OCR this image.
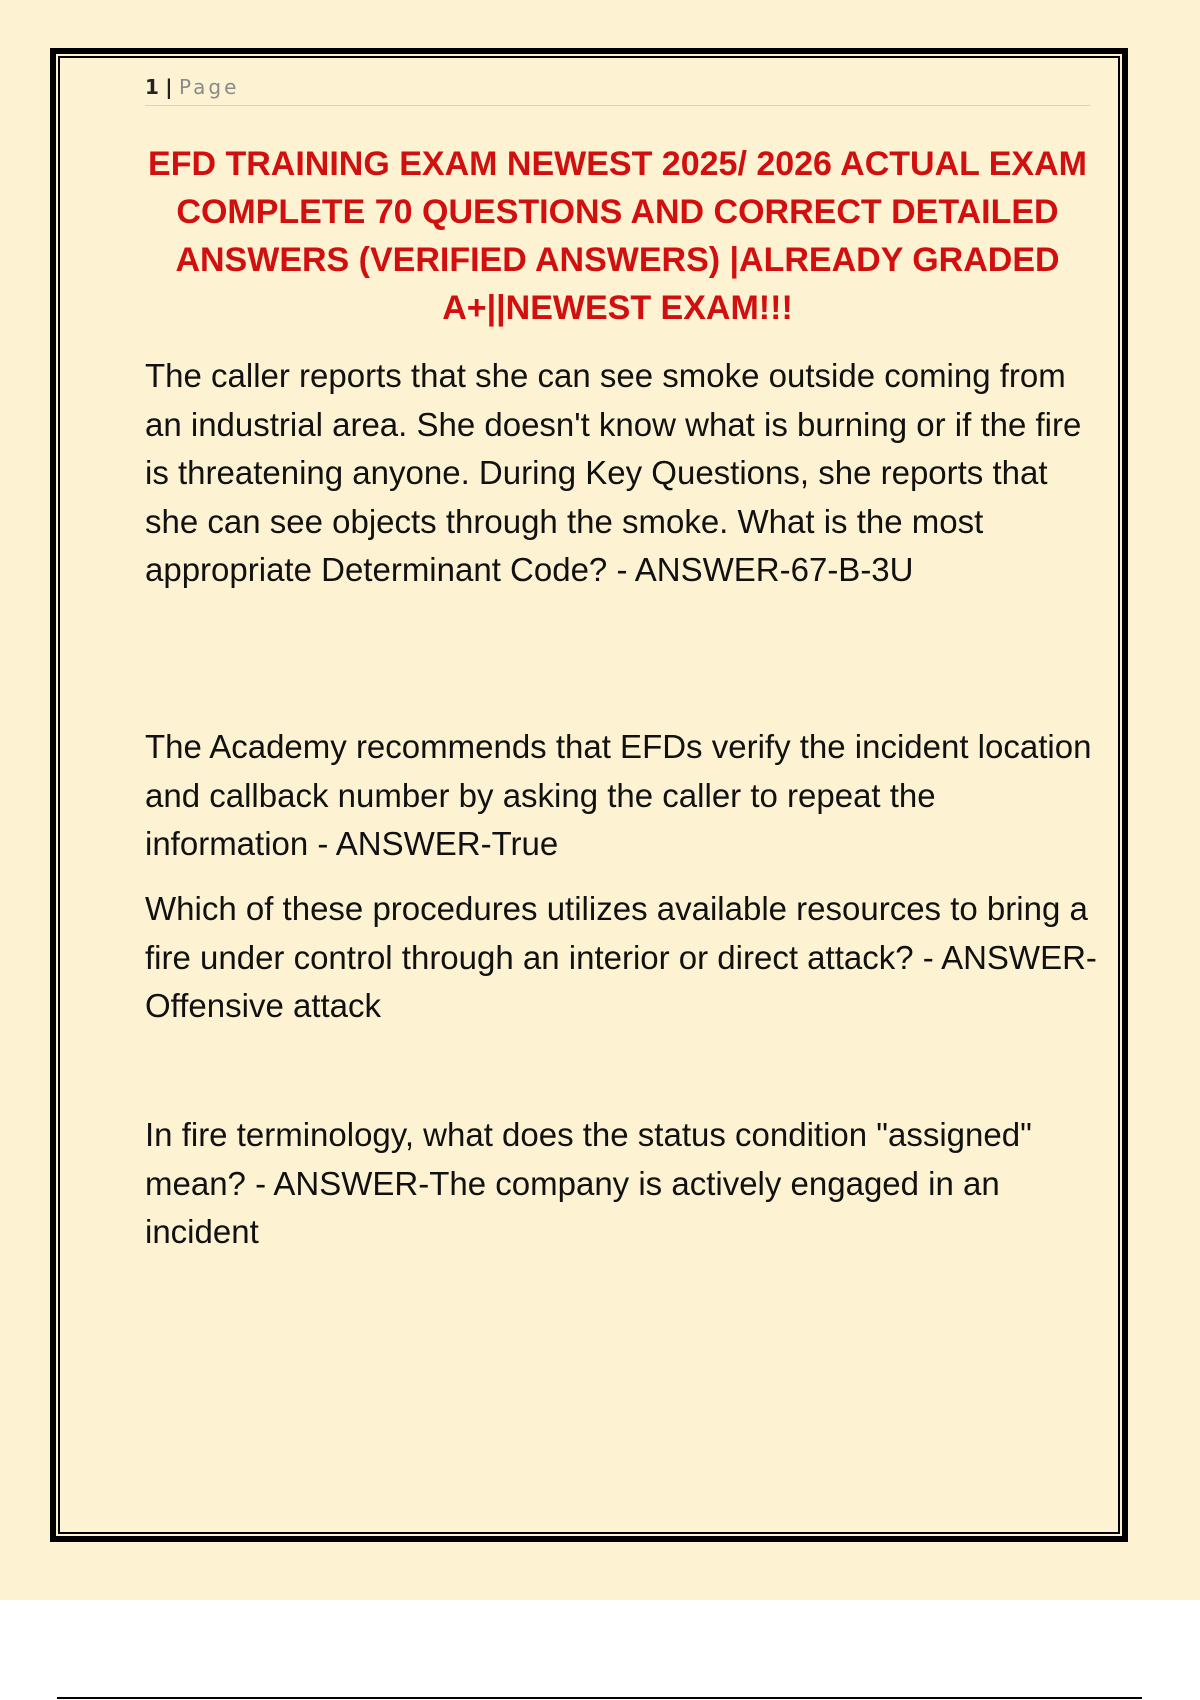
1 | Page
EFD TRAINING EXAM NEWEST 2025/ 2026 ACTUAL EXAM COMPLETE 70 QUESTIONS AND CORRECT DETAILED ANSWERS (VERIFIED ANSWERS) |ALREADY GRADED A+||NEWEST EXAM!!!

The caller reports that she can see smoke outside coming from an industrial area. She doesn't know what is burning or if the fire is threatening anyone. During Key Questions, she reports that she can see objects through the smoke. What is the most appropriate Determinant Code? - ANSWER-67-B-3U

The Academy recommends that EFDs verify the incident location and callback number by asking the caller to repeat the information - ANSWER-True

Which of these procedures utilizes available resources to bring a fire under control through an interior or direct attack? - ANSWER-Offensive attack

In fire terminology, what does the status condition "assigned" mean? - ANSWER-The company is actively engaged in an incident
